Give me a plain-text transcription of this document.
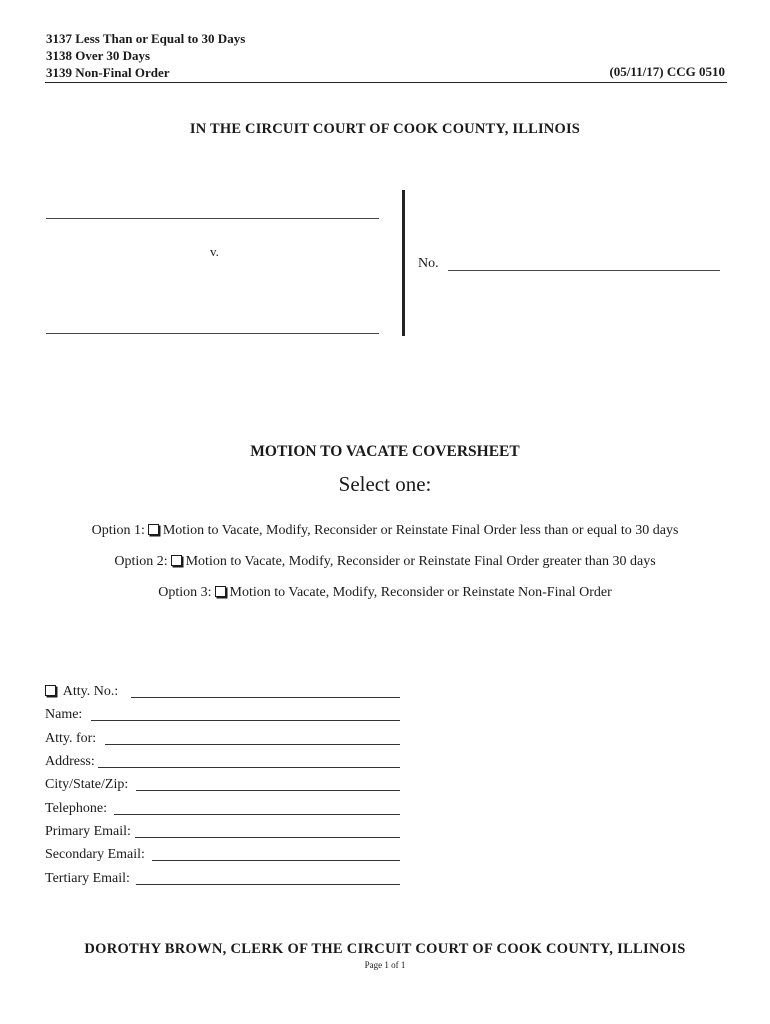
3137 Less Than or Equal to 30 Days
3138 Over 30 Days
3139 Non-Final Order	(05/11/17) CCG 0510
IN THE CIRCUIT COURT OF COOK COUNTY, ILLINOIS
v.
No.
MOTION TO VACATE COVERSHEET
Select one:
Option 1: Motion to Vacate, Modify, Reconsider or Reinstate Final Order less than or equal to 30 days
Option 2: Motion to Vacate, Modify, Reconsider or Reinstate Final Order greater than 30 days
Option 3: Motion to Vacate, Modify, Reconsider or Reinstate Non-Final Order
Atty. No.:
Name:
Atty. for:
Address:
City/State/Zip:
Telephone:
Primary Email:
Secondary Email:
Tertiary Email:
DOROTHY BROWN, CLERK OF THE CIRCUIT COURT OF COOK COUNTY, ILLINOIS
Page 1 of 1
